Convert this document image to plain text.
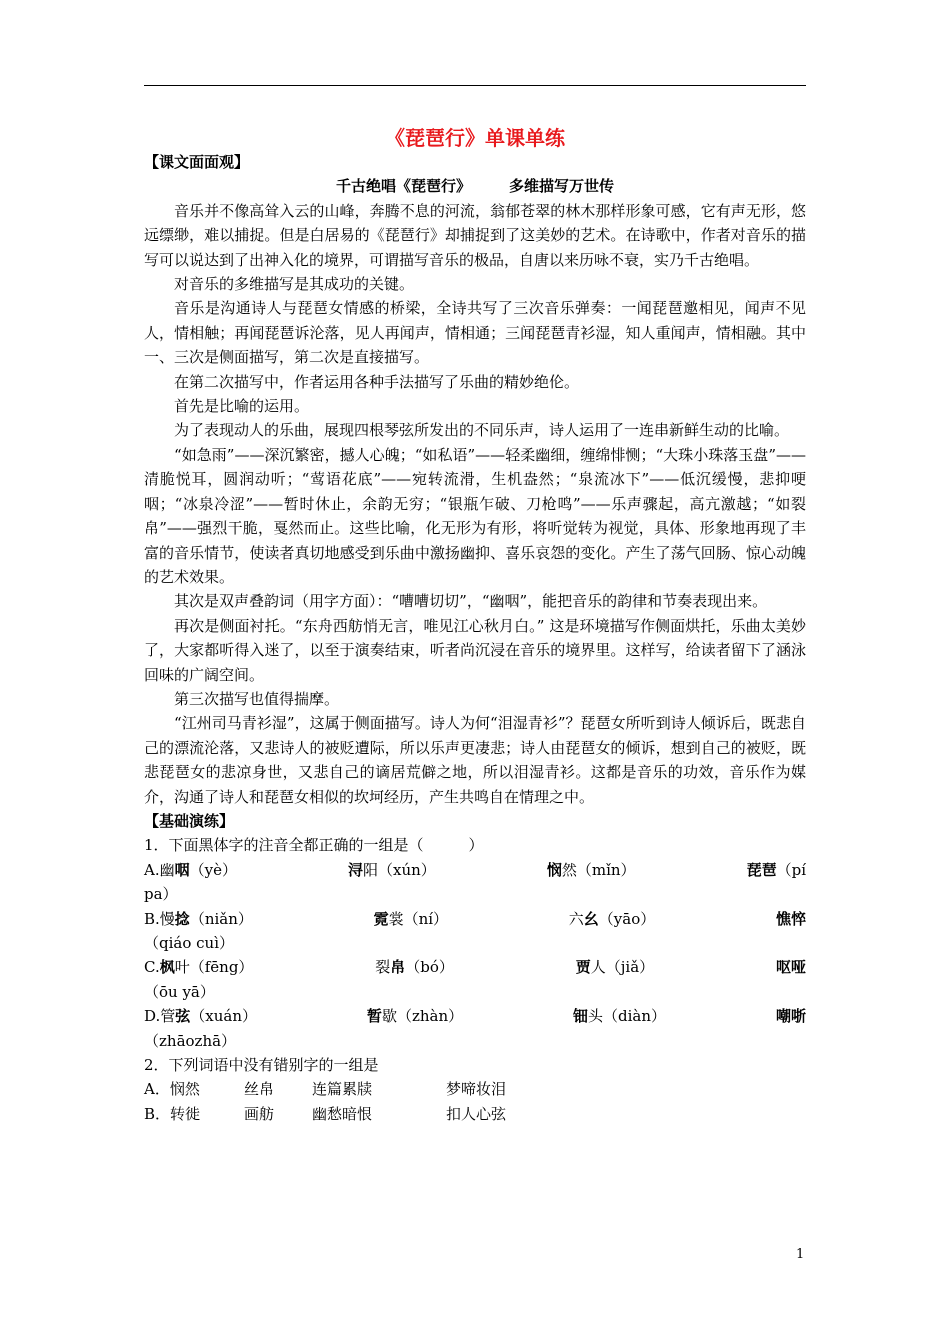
《琵琶行》单课单练

【课文面面观】

千古绝唱《琵琶行》	多维描写万世传

音乐并不像高耸入云的山峰，奔腾不息的河流，翁郁苍翠的林木那样形象可感，它有声无形，悠远缥缈，难以捕捉。但是白居易的《琵琶行》却捕捉到了这美妙的艺术。在诗歌中，作者对音乐的描写可以说达到了出神入化的境界，可谓描写音乐的极品，自唐以来历咏不衰，实乃千古绝唱。

对音乐的多维描写是其成功的关键。

音乐是沟通诗人与琵琶女情感的桥梁，全诗共写了三次音乐弹奏：一闻琵琶邀相见，闻声不见人，情相触；再闻琵琶诉沦落，见人再闻声，情相通；三闻琵琶青衫湿，知人重闻声，情相融。其中一、三次是侧面描写，第二次是直接描写。

在第二次描写中，作者运用各种手法描写了乐曲的精妙绝伦。

首先是比喻的运用。

为了表现动人的乐曲，展现四根琴弦所发出的不同乐声，诗人运用了一连串新鲜生动的比喻。

“如急雨”——深沉繁密，撼人心魄；“如私语”——轻柔幽细，缠绵悱恻；“大珠小珠落玉盘”——清脆悦耳，圆润动听；“莺语花底”——宛转流滑，生机盎然；“泉流冰下”——低沉缓慢，悲抑哽咽；“冰泉冷涩”——暂时休止，余韵无穷；“银瓶乍破、刀枪鸣”——乐声骤起，高亢激越；“如裂帛”——强烈干脆，戛然而止。这些比喻，化无形为有形，将听觉转为视觉，具体、形象地再现了丰富的音乐情节，使读者真切地感受到乐曲中激扬幽抑、喜乐哀怨的变化。产生了荡气回肠、惊心动魄的艺术效果。

其次是双声叠韵词（用字方面）：“嘈嘈切切”，“幽咽”，能把音乐的韵律和节奏表现出来。

再次是侧面衬托。“东舟西舫悄无言，唯见江心秋月白。” 这是环境描写作侧面烘托，乐曲太美妙了，大家都听得入迷了，以至于演奏结束，听者尚沉浸在音乐的境界里。这样写，给读者留下了涵泳回味的广阔空间。

第三次描写也值得揣摩。

“江州司马青衫湿”，这属于侧面描写。诗人为何“泪湿青衫”？琵琶女所听到诗人倾诉后，既悲自己的漂流沦落，又悲诗人的被贬遭际，所以乐声更凄悲；诗人由琵琶女的倾诉，想到自己的被贬，既悲琵琶女的悲凉身世，又悲自己的谪居荒僻之地，所以泪湿青衫。这都是音乐的功效，音乐作为媒介，沟通了诗人和琵琶女相似的坎坷经历，产生共鸣自在情理之中。

【基础演练】

1．下面黑体字的注音全都正确的一组是（　　　）

A.幽咽（yè）	浔阳（xún）	悯然（mǐn）	琵琶（pí

pa）

B.慢捻（niǎn）	霓裳（ní）	六幺（yāo）	憔悴

（qiáo cuì）

C.枫叶（fēng）	裂帛（bó）	贾人（jiǎ）	呕哑

（ōu yā）

D.管弦（xuán）	暂歇（zhàn）	钿头（diàn）	嘲哳

（zhāozhā）

2．下列词语中没有错别字的一组是

A．悯然	丝帛	连篇累牍	梦啼妆泪
B．转徙	画舫	幽愁暗恨	扣人心弦
1
